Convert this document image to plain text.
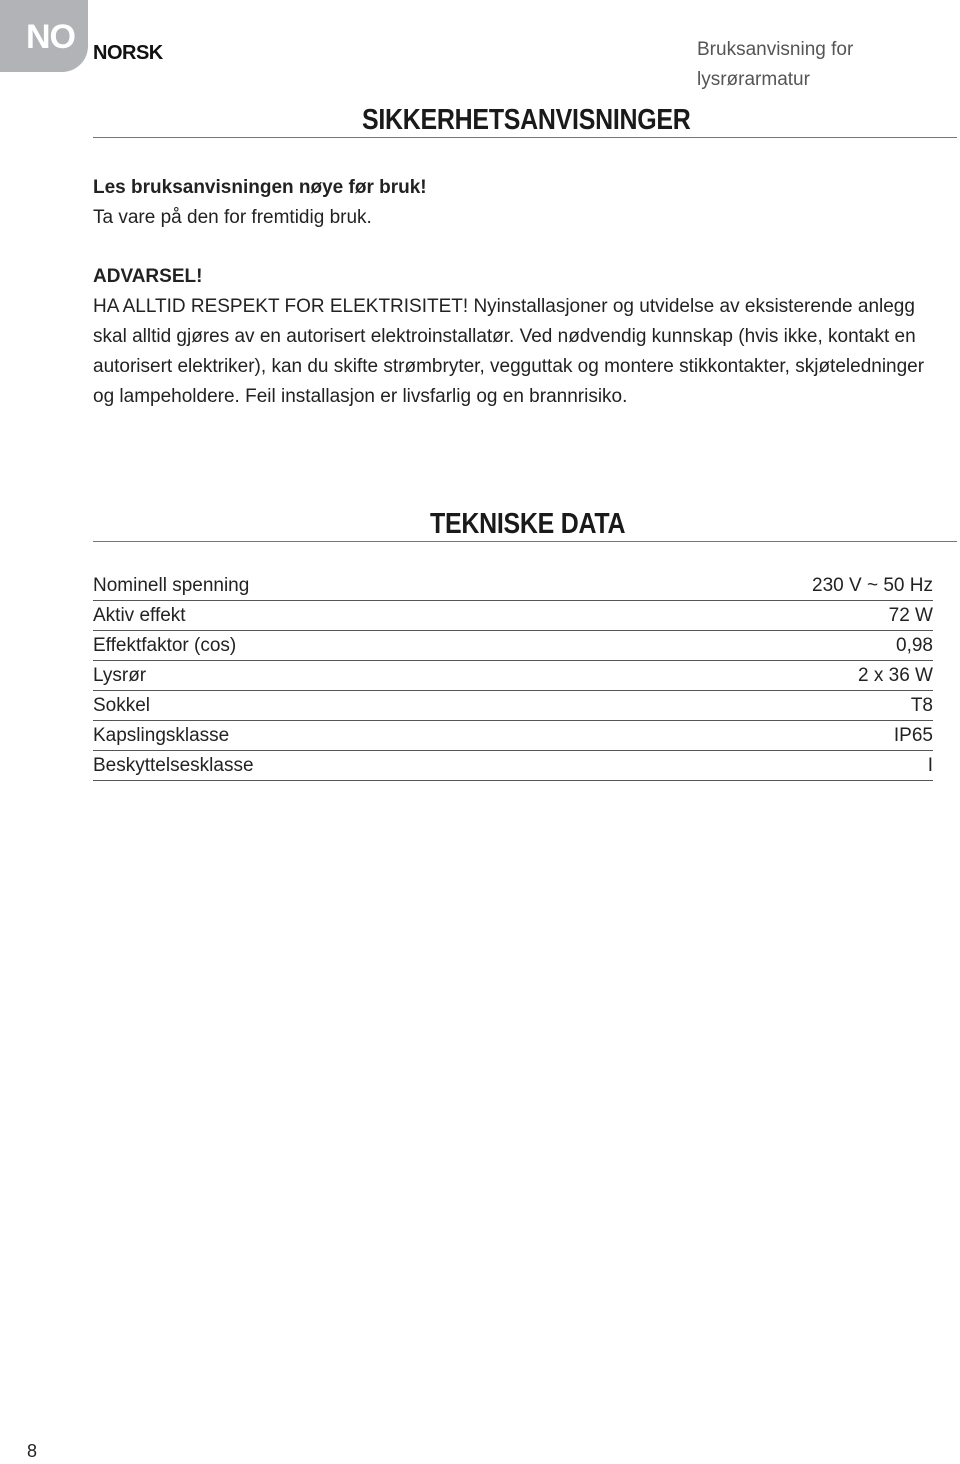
NO NORSK	Bruksanvisning for
lysrørarmatur
SIKKERHETSANVISNINGER
Les bruksanvisningen nøye før bruk!
Ta vare på den for fremtidig bruk.
ADVARSEL!
HA ALLTID RESPEKT FOR ELEKTRISITET! Nyinstallasjoner og utvidelse av eksisterende anlegg skal alltid gjøres av en autorisert elektroinstallatør. Ved nødvendig kunnskap (hvis ikke, kontakt en autorisert elektriker), kan du skifte strømbryter, vegguttak og montere stikkontakter, skjøteledninger og lampeholdere. Feil installasjon er livsfarlig og en brannrisiko.
TEKNISKE DATA
Nominell spenning	230 V ~ 50 Hz
Aktiv effekt	72 W
Effektfaktor (cos)	0,98
Lysrør	2 x 36 W
Sokkel	T8
Kapslingsklasse	IP65
Beskyttelsesklasse	I
8
